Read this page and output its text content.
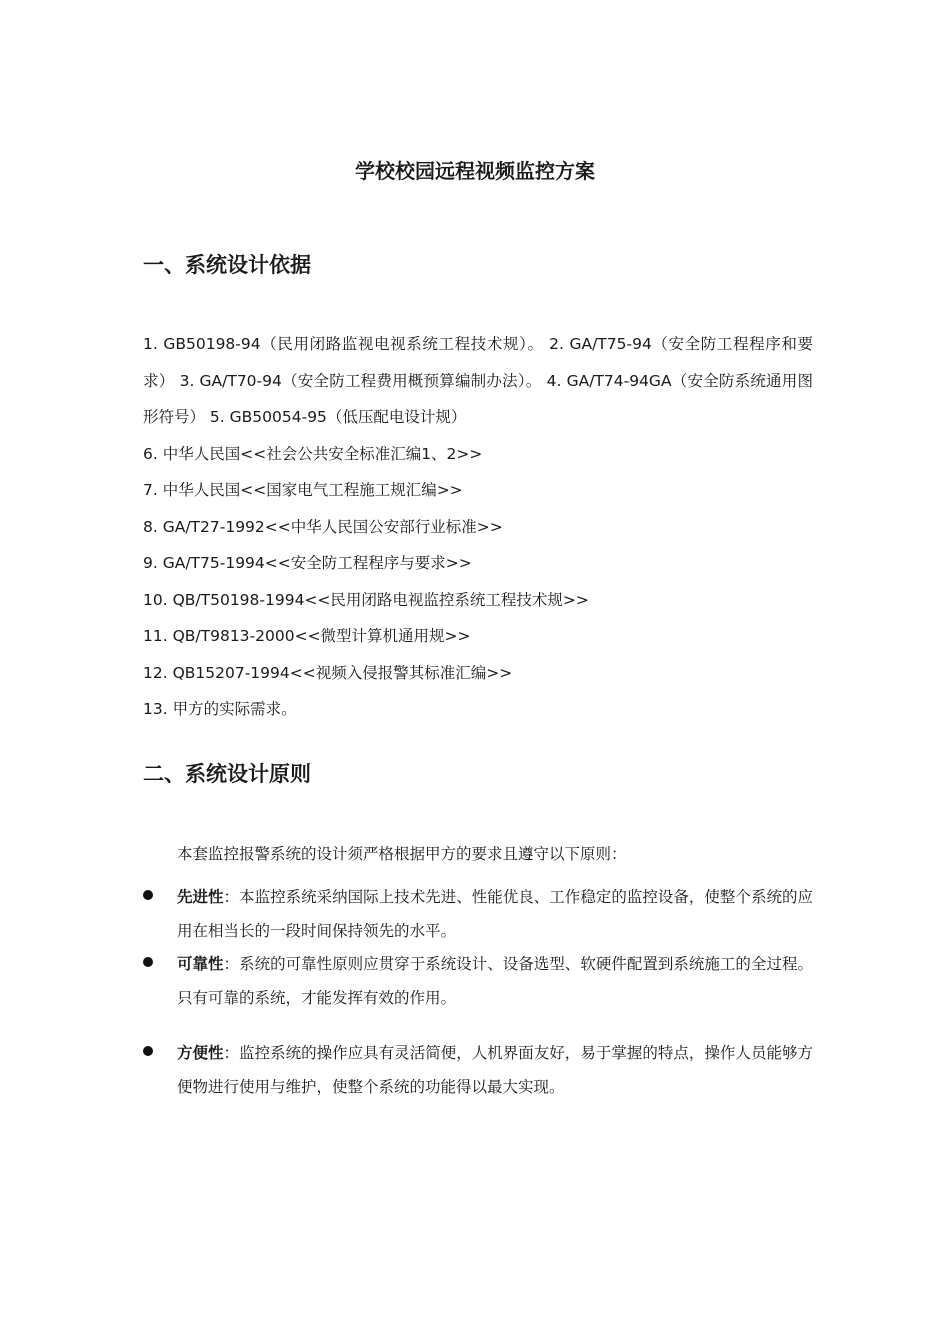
学校校园远程视频监控方案
一、系统设计依据

1. GB50198-94（民用闭路监视电视系统工程技术规）。 2. GA/T75-94（安全防工程程序和要求） 3. GA/T70-94（安全防工程费用概预算编制办法）。 4. GA/T74-94GA（安全防系统通用图形符号） 5. GB50054-95（低压配电设计规）

6. 中华人民国<<社会公共安全标准汇编1、2>>

7. 中华人民国<<国家电气工程施工规汇编>>

8. GA/T27-1992<<中华人民国公安部行业标准>>

9. GA/T75-1994<<安全防工程程序与要求>>

10. QB/T50198-1994<<民用闭路电视监控系统工程技术规>>

11. QB/T9813-2000<<微型计算机通用规>>

12. QB15207-1994<<视频入侵报警其标准汇编>>

13. 甲方的实际需求。

二、系统设计原则
本套监控报警系统的设计须严格根据甲方的要求且遵守以下原则：
先进性：本监控系统采纳国际上技术先进、性能优良、工作稳定的监控设备，使整个系统的应用在相当长的一段时间保持领先的水平。
可靠性：系统的可靠性原则应贯穿于系统设计、设备选型、软硬件配置到系统施工的全过程。只有可靠的系统，才能发挥有效的作用。
方便性：监控系统的操作应具有灵活简便，人机界面友好，易于掌握的特点，操作人员能够方便物进行使用与维护，使整个系统的功能得以最大实现。
